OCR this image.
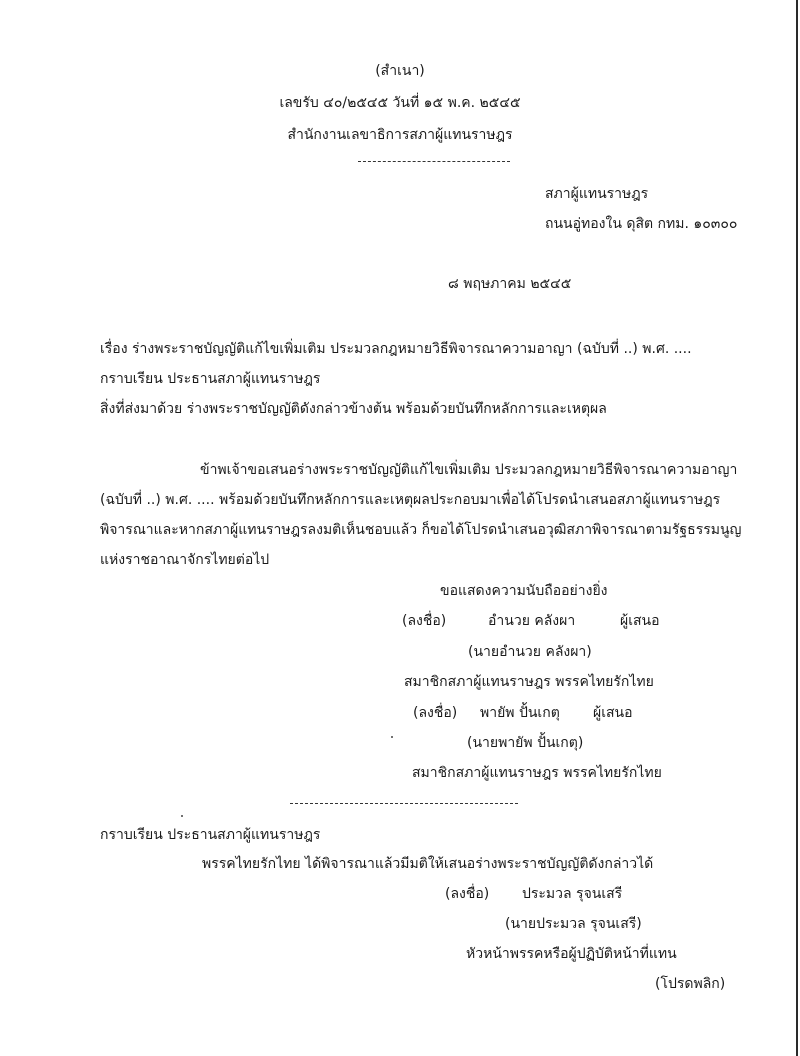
(สำเนา)
เลขรับ ๔๐/๒๕๔๕ วันที่ ๑๕ พ.ค. ๒๕๔๕
สำนักงานเลขาธิการสภาผู้แทนราษฎร
สภาผู้แทนราษฎร
ถนนอู่ทองใน ดุสิต กทม. ๑๐๓๐๐
๘ พฤษภาคม ๒๕๔๕
เรื่อง ร่างพระราชบัญญัติแก้ไขเพิ่มเติม ประมวลกฎหมายวิธีพิจารณาความอาญา (ฉบับที่ ..) พ.ศ. ....
กราบเรียน ประธานสภาผู้แทนราษฎร
สิ่งที่ส่งมาด้วย ร่างพระราชบัญญัติดังกล่าวข้างต้น พร้อมด้วยบันทึกหลักการและเหตุผล
ข้าพเจ้าขอเสนอร่างพระราชบัญญัติแก้ไขเพิ่มเติม ประมวลกฎหมายวิธีพิจารณาความอาญา
(ฉบับที่ ..) พ.ศ. .... พร้อมด้วยบันทึกหลักการและเหตุผลประกอบมาเพื่อได้โปรดนำเสนอสภาผู้แทนราษฎร
พิจารณาและหากสภาผู้แทนราษฎรลงมติเห็นชอบแล้ว ก็ขอได้โปรดนำเสนอวุฒิสภาพิจารณาตามรัฐธรรมนูญ
แห่งราชอาณาจักรไทยต่อไป
ขอแสดงความนับถืออย่างยิ่ง
(ลงชื่อ)	อำนวย คลังผา	ผู้เสนอ
(นายอำนวย คลังผา)
สมาชิกสภาผู้แทนราษฎร พรรคไทยรักไทย
(ลงชื่อ) พายัพ ปั้นเกตุ ผู้เสนอ
(นายพายัพ ปั้นเกตุ)
สมาชิกสภาผู้แทนราษฎร พรรคไทยรักไทย
กราบเรียน ประธานสภาผู้แทนราษฎร
พรรคไทยรักไทย ได้พิจารณาแล้วมีมติให้เสนอร่างพระราชบัญญัติดังกล่าวได้
(ลงชื่อ) ประมวล รุจนเสรี
(นายประมวล รุจนเสรี)
หัวหน้าพรรคหรือผู้ปฏิบัติหน้าที่แทน
(โปรดพลิก)
